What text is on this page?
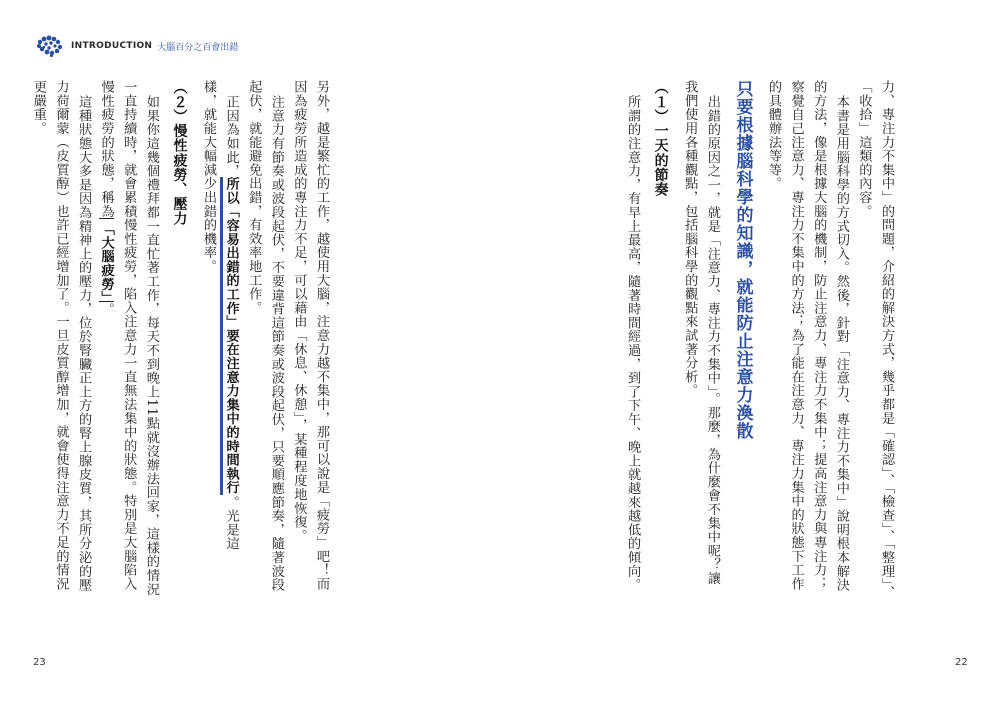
INTRODUCTION 大腦百分之百會出錯

力、專注力不集中」的問題，介紹的解決方式，幾乎都是「確認」、「檢查」、「整理」、

「收拾」這類的內容。

本書是用腦科學的方式切入。然後，針對「注意力、專注力不集中」說明根本解決

的方法，像是根據大腦的機制，防止注意力、專注力不集中；提高注意力與專注力；

察覺自己注意力、專注力不集中的方法；為了能在注意力、專注力集中的狀態下工作

的具體辦法等等。

只要根據腦科學的知識，就能防止注意力渙散

出錯的原因之一，就是「注意力、專注力不集中」。那麼，為什麼會不集中呢？讓

我們使用各種觀點，包括腦科學的觀點來試著分析。

（１）一天的節奏

所謂的注意力，有早上最高，隨著時間經過，到了下午、晚上就越來越低的傾向。

另外，越是繁忙的工作，越使用大腦，注意力越不集中，那可以說是「疲勞」吧！而

因為疲勞所造成的專注力不足，可以藉由「休息、休憩」，某種程度地恢復。

注意力有節奏或波段起伏，不要違背這節奏或波段起伏，只要順應節奏，隨著波段

起伏，就能避免出錯，有效率地工作。

正因為如此，所以「容易出錯的工作」要在注意力集中的時間執行。光是這

樣，就能大幅減少出錯的機率。

（２）慢性疲勞、壓力

如果你這幾個禮拜都一直忙著工作，每天不到晚上11點就沒辦法回家，這樣的情況

一直持續時，就會累積慢性疲勞，陷入注意力一直無法集中的狀態。特別是大腦陷入

慢性疲勞的狀態，稱為「大腦疲勞」。

這種狀態大多是因為精神上的壓力，位於腎臟正上方的腎上腺皮質，其所分泌的壓

力荷爾蒙（皮質醇）也許已經增加了。一旦皮質醇增加，就會使得注意力不足的情況

更嚴重。

23	22
